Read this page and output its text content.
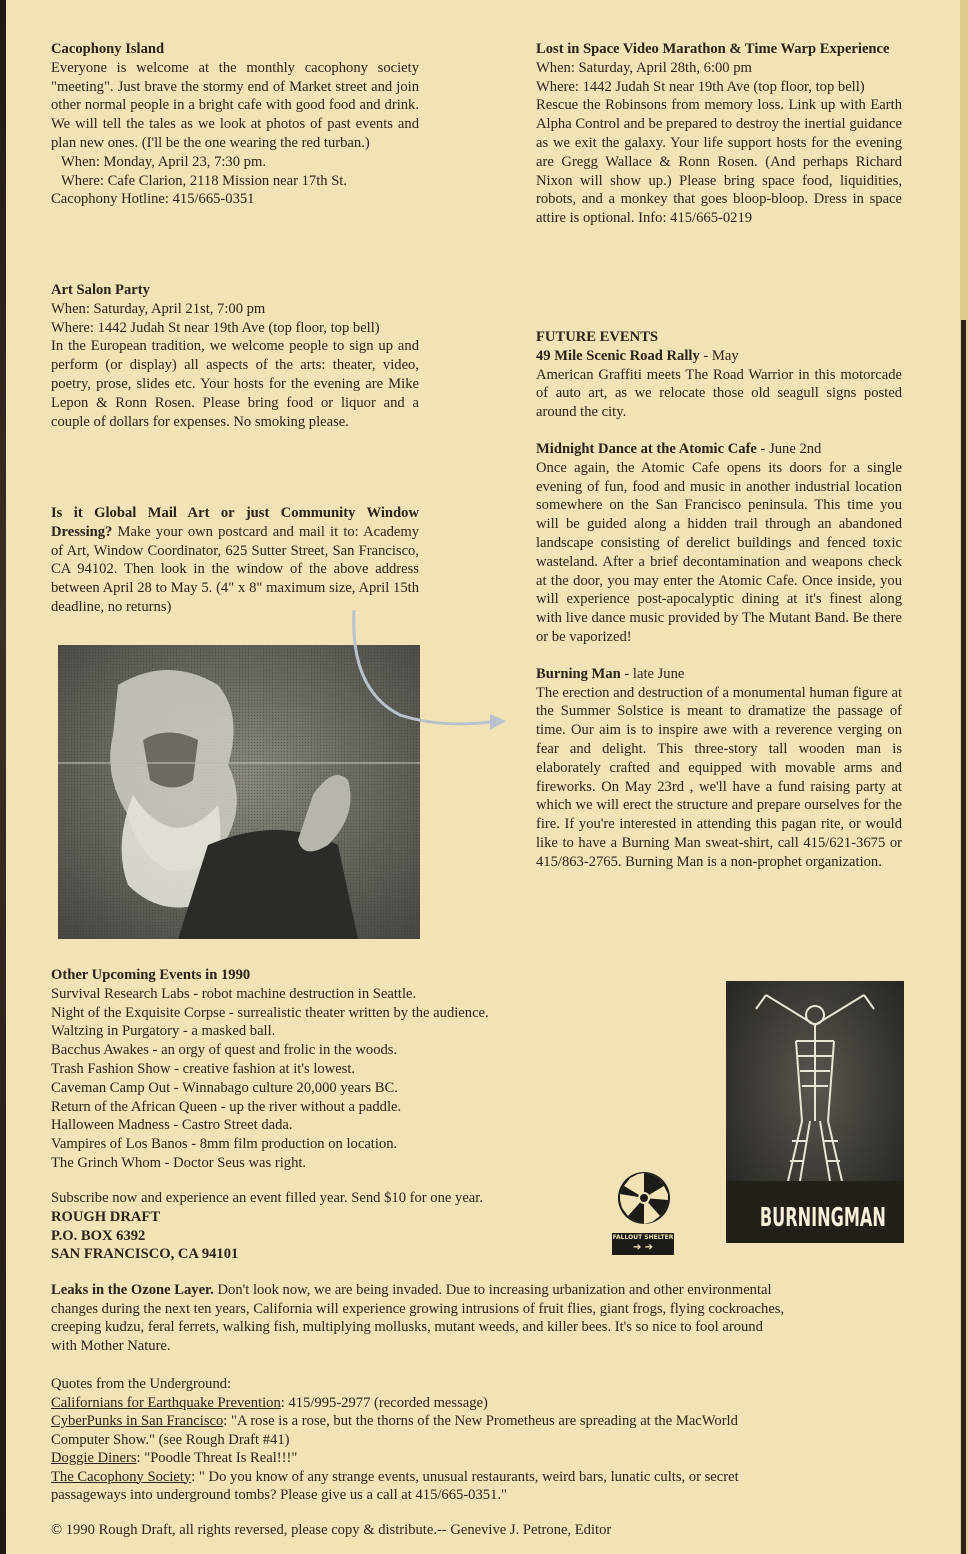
Cacophony Island

Everyone is welcome at the monthly cacophony society "meeting". Just brave the stormy end of Market street and join other normal people in a bright cafe with good food and drink. We will tell the tales as we look at photos of past events and plan new ones. (I'll be the one wearing the red turban.)

When: Monday, April 23, 7:30 pm.

Where: Cafe Clarion, 2118 Mission near 17th St.

Cacophony Hotline: 415/665-0351

Art Salon Party

When: Saturday, April 21st, 7:00 pm

Where: 1442 Judah St near 19th Ave (top floor, top bell)

In the European tradition, we welcome people to sign up and perform (or display) all aspects of the arts: theater, video, poetry, prose, slides etc. Your hosts for the evening are Mike Lepon & Ronn Rosen. Please bring food or liquor and a couple of dollars for expenses. No smoking please.

Is it Global Mail Art or just Community Window Dressing? Make your own postcard and mail it to: Academy of Art, Window Coordinator, 625 Sutter Street, San Francisco, CA 94102. Then look in the window of the above address between April 28 to May 5. (4" x 8" maximum size, April 15th deadline, no returns)

Lost in Space Video Marathon & Time Warp Experience

When: Saturday, April 28th, 6:00 pm

Where: 1442 Judah St near 19th Ave (top floor, top bell)

Rescue the Robinsons from memory loss. Link up with Earth Alpha Control and be prepared to destroy the inertial guidance as we exit the galaxy. Your life support hosts for the evening are Gregg Wallace & Ronn Rosen. (And perhaps Richard Nixon will show up.) Please bring space food, liquidities, robots, and a monkey that goes bloop-bloop. Dress in space attire is optional. Info: 415/665-0219

FUTURE EVENTS

49 Mile Scenic Road Rally - May

American Graffiti meets The Road Warrior in this motorcade of auto art, as we relocate those old seagull signs posted around the city.

Midnight Dance at the Atomic Cafe - June 2nd

Once again, the Atomic Cafe opens its doors for a single evening of fun, food and music in another industrial location somewhere on the San Francisco peninsula. This time you will be guided along a hidden trail through an abandoned landscape consisting of derelict buildings and fenced toxic wasteland. After a brief decontamination and weapons check at the door, you may enter the Atomic Cafe. Once inside, you will experience post-apocalyptic dining at it's finest along with live dance music provided by The Mutant Band. Be there or be vaporized!

Burning Man - late June

The erection and destruction of a monumental human figure at the Summer Solstice is meant to dramatize the passage of time. Our aim is to inspire awe with a reverence verging on fear and delight. This three-story tall wooden man is elaborately crafted and equipped with movable arms and fireworks. On May 23rd , we'll have a fund raising party at which we will erect the structure and prepare ourselves for the fire. If you're interested in attending this pagan rite, or would like to have a Burning Man sweat-shirt, call 415/621-3675 or 415/863-2765. Burning Man is a non-prophet organization.

Other Upcoming Events in 1990

Survival Research Labs - robot machine destruction in Seattle.

Night of the Exquisite Corpse - surrealistic theater written by the audience.

Waltzing in Purgatory - a masked ball.

Bacchus Awakes - an orgy of quest and frolic in the woods.

Trash Fashion Show - creative fashion at it's lowest.

Caveman Camp Out - Winnabago culture 20,000 years BC.

Return of the African Queen - up the river without a paddle.

Halloween Madness - Castro Street dada.

Vampires of Los Banos - 8mm film production on location.

The Grinch Whom - Doctor Seus was right.

Subscribe now and experience an event filled year. Send $10 for one year.

ROUGH DRAFT

P.O. BOX 6392

SAN FRANCISCO, CA 94101

FALLOUT SHELTER
➔ ➔
BURNINGMAN

Leaks in the Ozone Layer. Don't look now, we are being invaded. Due to increasing urbanization and other environmental changes during the next ten years, California will experience growing intrusions of fruit flies, giant frogs, flying cockroaches, creeping kudzu, feral ferrets, walking fish, multiplying mollusks, mutant weeds, and killer bees. It's so nice to fool around with Mother Nature.

Quotes from the Underground:

Californians for Earthquake Prevention: 415/995-2977 (recorded message)

CyberPunks in San Francisco: "A rose is a rose, but the thorns of the New Prometheus are spreading at the MacWorld Computer Show." (see Rough Draft #41)

Doggie Diners: "Poodle Threat Is Real!!!"

The Cacophony Society: " Do you know of any strange events, unusual restaurants, weird bars, lunatic cults, or secret passageways into underground tombs? Please give us a call at 415/665-0351."

© 1990 Rough Draft, all rights reversed, please copy & distribute.-- Genevive J. Petrone, Editor
